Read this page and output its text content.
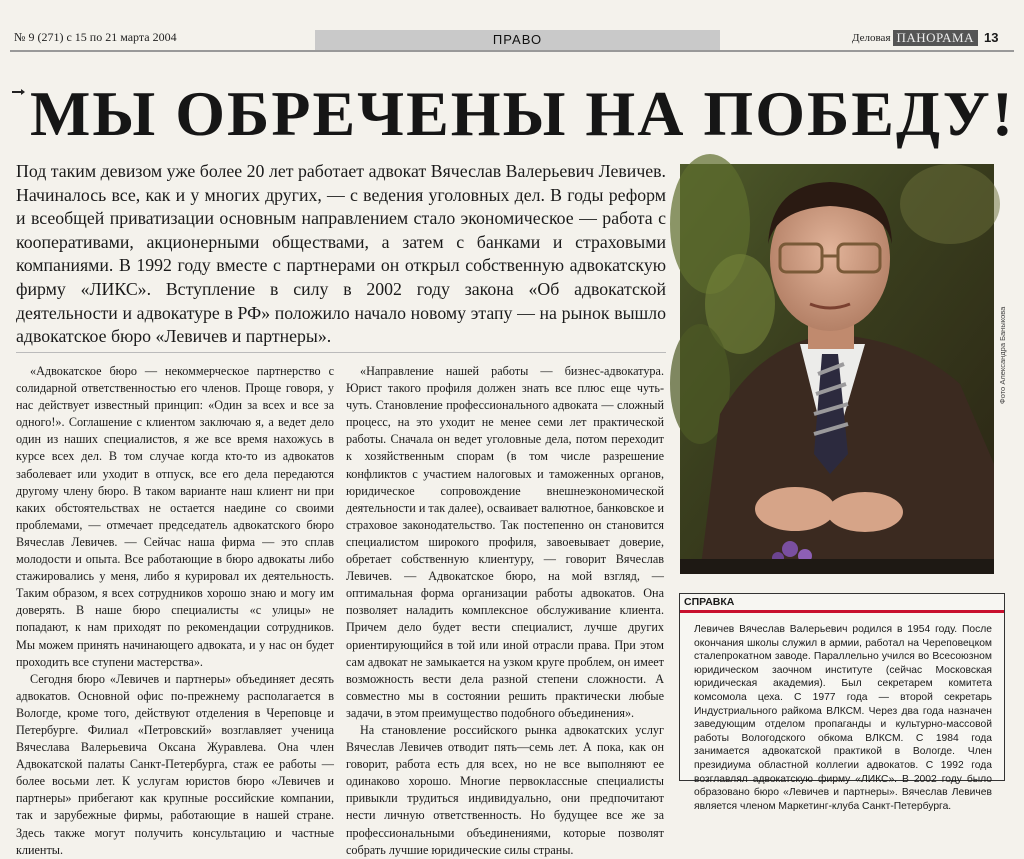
№ 9 (271) с 15 по 21 марта 2004	ПРАВО	Деловая ПАНОРАМА 13
МЫ ОБРЕЧЕНЫ НА ПОБЕДУ!
Под таким девизом уже более 20 лет работает адвокат Вячеслав Валерьевич Левичев. Начиналось все, как и у многих других, — с ведения уголовных дел. В годы реформ и всеобщей приватизации основным направлением стало экономическое — работа с кооперативами, акционерными обществами, а затем с банками и страховыми компаниями. В 1992 году вместе с партнерами он открыл собственную адвокатскую фирму «ЛИКС». Вступление в силу в 2002 году закона «Об адвокатской деятельности и адвокатуре в РФ» положило начало новому этапу — на рынок вышло адвокатское бюро «Левичев и партнеры».

«Адвокатское бюро — некоммерческое партнерство с солидарной ответственностью его членов. Проще говоря, у нас действует известный принцип: «Один за всех и все за одного!». Соглашение с клиентом заключаю я, а ведет дело один из наших специалистов, я же все время нахожусь в курсе всех дел. В том случае когда кто-то из адвокатов заболевает или уходит в отпуск, все его дела передаются другому члену бюро. В таком варианте наш клиент ни при каких обстоятельствах не остается наедине со своими проблемами, — отмечает председатель адвокатского бюро Вячеслав Левичев. — Сейчас наша фирма — это сплав молодости и опыта. Все работающие в бюро адвокаты либо стажировались у меня, либо я курировал их деятельность. Таким образом, я всех сотрудников хорошо знаю и могу им доверять. В наше бюро специалисты «с улицы» не попадают, к нам приходят по рекомендации сотрудников. Мы можем принять начинающего адвоката, и у нас он будет проходить все ступени мастерства».

Сегодня бюро «Левичев и партнеры» объединяет десять адвокатов. Основной офис по-прежнему располагается в Вологде, кроме того, действуют отделения в Череповце и Петербурге. Филиал «Петровский» возглавляет ученица Вячеслава Валерьевича Оксана Журавлева. Она член Адвокатской палаты Санкт-Петербурга, стаж ее работы — более восьми лет. К услугам юристов бюро «Левичев и партнеры» прибегают как крупные российские компании, так и зарубежные фирмы, работающие в нашей стране. Здесь также могут получить консультацию и частные клиенты.

«Направление нашей работы — бизнес-адвокатура. Юрист такого профиля должен знать все плюс еще чуть-чуть. Становление профессионального адвоката — сложный процесс, на это уходит не менее семи лет практической работы. Сначала он ведет уголовные дела, потом переходит к хозяйственным спорам (в том числе разрешение конфликтов с участием налоговых и таможенных органов, юридическое сопровождение внешнеэкономической деятельности и так далее), осваивает валютное, банковское и страховое законодательство. Так постепенно он становится специалистом широкого профиля, завоевывает доверие, обретает собственную клиентуру, — говорит Вячеслав Левичев. — Адвокатское бюро, на мой взгляд, — оптимальная форма организации работы адвокатов. Она позволяет наладить комплексное обслуживание клиента. Причем дело будет вести специалист, лучше других ориентирующийся в той или иной отрасли права. При этом сам адвокат не замыкается на узком круге проблем, он имеет возможность вести дела разной степени сложности. А совместно мы в состоянии решить практически любые задачи, в этом преимущество подобного объединения».

На становление российского рынка адвокатских услуг Вячеслав Левичев отводит пять—семь лет. А пока, как он говорит, работа есть для всех, но не все выполняют ее одинаково хорошо. Многие первоклассные специалисты привыкли трудиться индивидуально, они предпочитают нести личную ответственность. Но будущее все же за профессиональными объединениями, которые позволят собрать лучшие юридические силы страны.

Фото Александра Баныкова
СПРАВКА
Левичев Вячеслав Валерьевич родился в 1954 году. После окончания школы служил в армии, работал на Череповецком сталепрокатном заводе. Параллельно учился во Всесоюзном юридическом заочном институте (сейчас Московская юридическая академия). Был секретарем комитета комсомола цеха. С 1977 года — второй секретарь Индустриального райкома ВЛКСМ. Через два года назначен заведующим отделом пропаганды и культурно-массовой работы Вологодского обкома ВЛКСМ. С 1984 года занимается адвокатской практикой в Вологде. Член президиума областной коллегии адвокатов. С 1992 года возглавлял адвокатскую фирму «ЛИКС». В 2002 году было образовано бюро «Левичев и партнеры». Вячеслав Левичев является членом Маркетинг-клуба Санкт-Петербурга.
